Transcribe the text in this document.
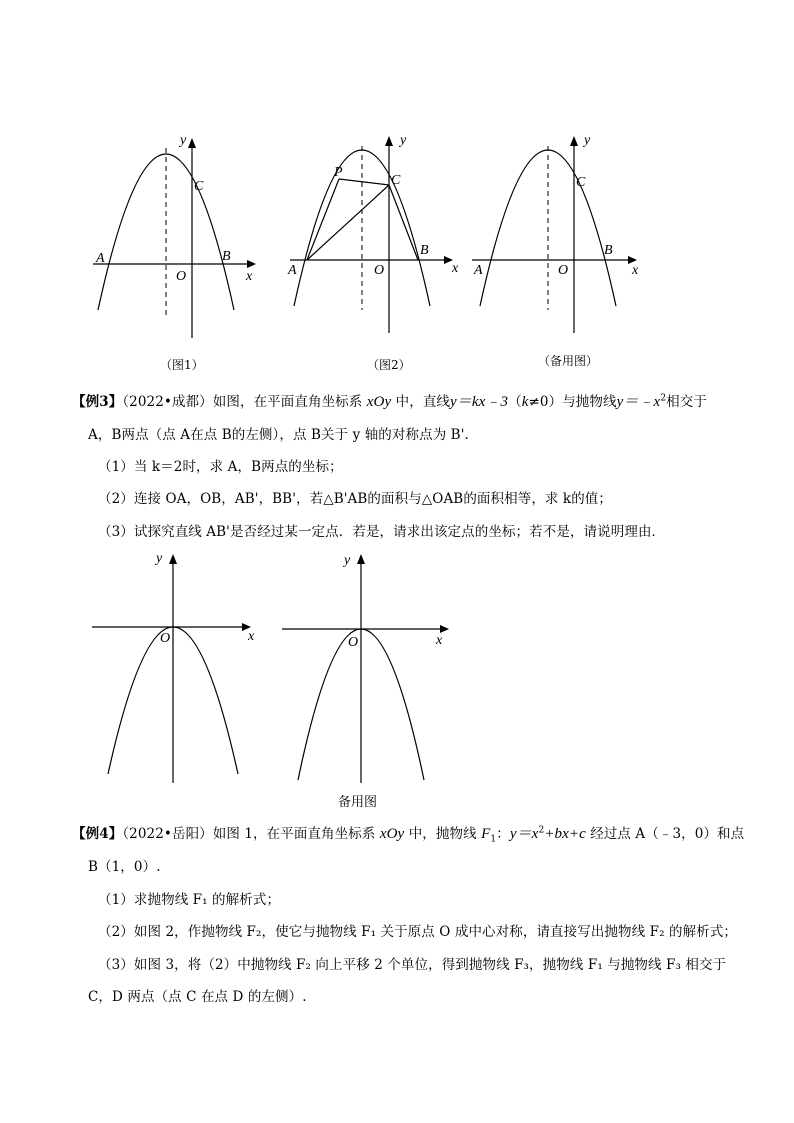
y
x
C
A	B
O
（图1）
y
x
P
C
A
B
O
（图2）
y
x
C
A
B
O
（备用图）
【例3】（2022•成都）如图，在平面直角坐标系 xOy 中，直线y＝kx﹣3（k≠0）与抛物线$y=﹣x^2$相交于
A，B两点（点 A在点 B的左侧），点 B关于 y 轴的对称点为 B'.
（1）当 k＝2时，求 A，B两点的坐标；
（2）连接 OA，OB，AB'，BB'，若△B'AB的面积与△OAB的面积相等，求 k的值；
（3）试探究直线 AB'是否经过某一定点．若是，请求出该定点的坐标；若不是，请说明理由．
y
x
O
y
x
O
备用图
【例4】（2022•岳阳）如图 1，在平面直角坐标系 xOy 中，抛物线 $F_1$：$y=x^2+bx+c$ 经过点 A（﹣3，0）和点
B（1，0）.
（1）求抛物线 F₁ 的解析式；
（2）如图 2，作抛物线 F₂，使它与抛物线 F₁ 关于原点 O 成中心对称，请直接写出抛物线 F₂ 的解析式；
（3）如图 3，将（2）中抛物线 F₂ 向上平移 2 个单位，得到抛物线 F₃，抛物线 F₁ 与抛物线 F₃ 相交于
C，D 两点（点 C 在点 D 的左侧）.
